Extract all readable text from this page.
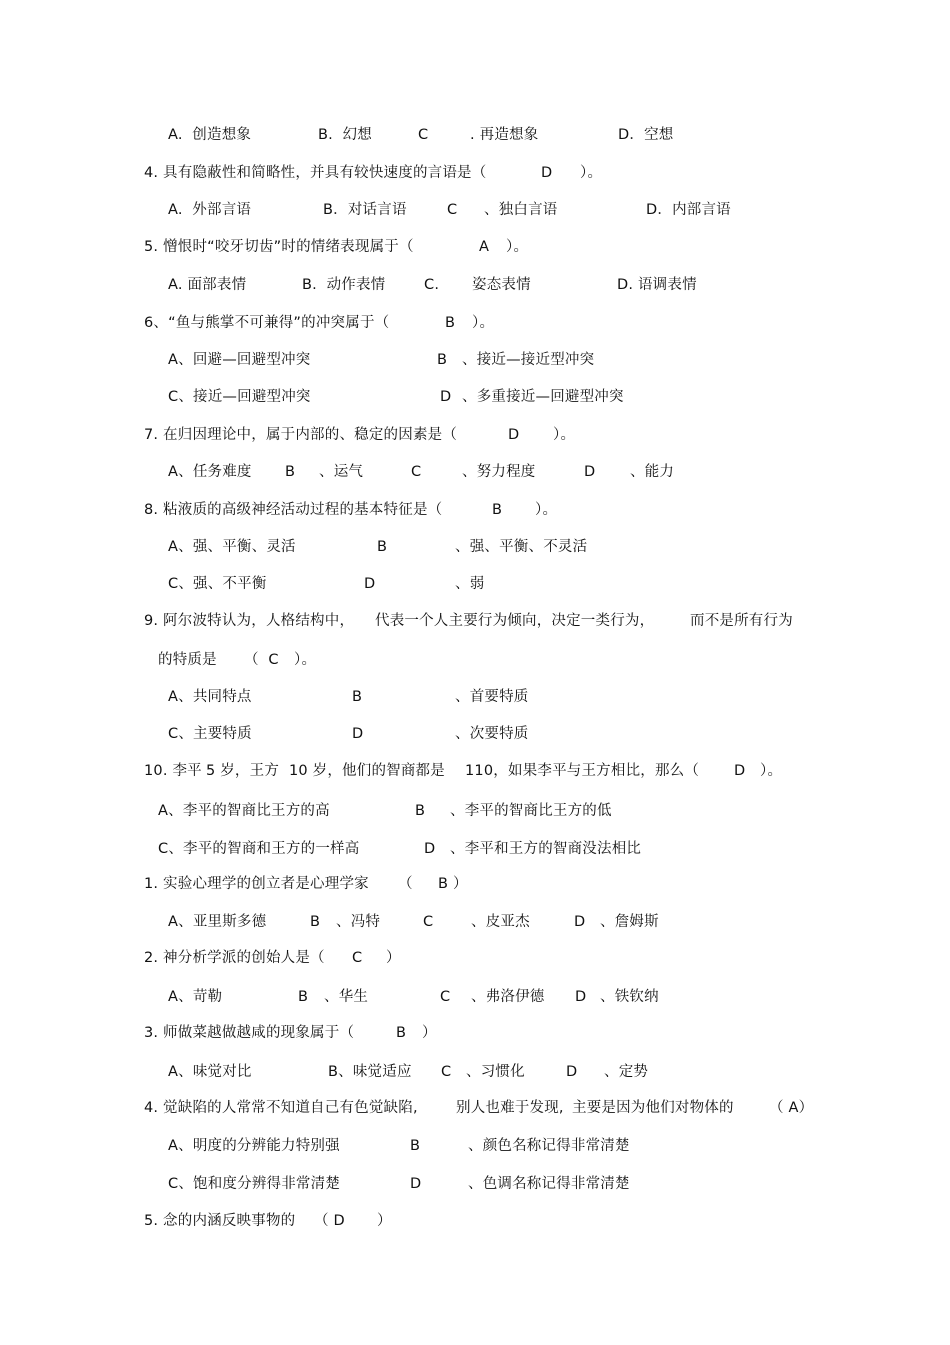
A.  创造想象	B.  幻想	C	. 再造想象	D．空想
4. 具有隐蔽性和简略性，并具有较快速度的言语是（	D ）。
A.  外部言语	B．对话言语	C 、独白言语	D．内部言语
5. 憎恨时“咬牙切齿”时的情绪表现属于（	A ）。
A. 面部表情	B.  动作表情	C. 姿态表情	D. 语调表情
6、“鱼与熊掌不可兼得”的冲突属于（	B ）。
A、回避—回避型冲突	B 、接近—接近型冲突
C、接近—回避型冲突	D 、多重接近—回避型冲突
7. 在归因理论中，属于内部的、稳定的因素是（	D ）。
A、任务难度 B 、运气	C	、努力程度	D 、能力
8. 粘液质的高级神经活动过程的基本特征是（	B ）。
A、强、平衡、灵活	B	、强、平衡、不灵活
C、强、不平衡	D	、弱
9. 阿尔波特认为，人格结构中， 代表一个人主要行为倾向，决定一类行为， 而不是所有行为
的特质是 （  C ）。
A、共同特点	B	、首要特质
C、主要特质	D	、次要特质
10. 李平 5 岁，王方 10 岁，他们的智商都是 110，如果李平与王方相比，那么（ D ）。
A、李平的智商比王方的高	B 、李平的智商比王方的低
C、李平的智商和王方的一样高	D 、李平和王方的智商没法相比
1. 实验心理学的创立者是心理学家 （ B ）
A、亚里斯多德	B 、冯特	C	、皮亚杰	D 、詹姆斯
2. 神分析学派的创始人是（ C ）
A、苛勒	B 、华生	C 、弗洛伊德 D 、铁钦纳
3. 师做菜越做越咸的现象属于（	B ）
A、味觉对比	B、味觉适应 C 、习惯化	D 、定势
4. 觉缺陷的人常常不知道自己有色觉缺陷,	别人也难于发现, 主要是因为他们对物体的 （ A）
A、明度的分辨能力特别强	B	、颜色名称记得非常清楚
C、饱和度分辨得非常清楚	D	、色调名称记得非常清楚
5. 念的内涵反映事物的 （ D ）
